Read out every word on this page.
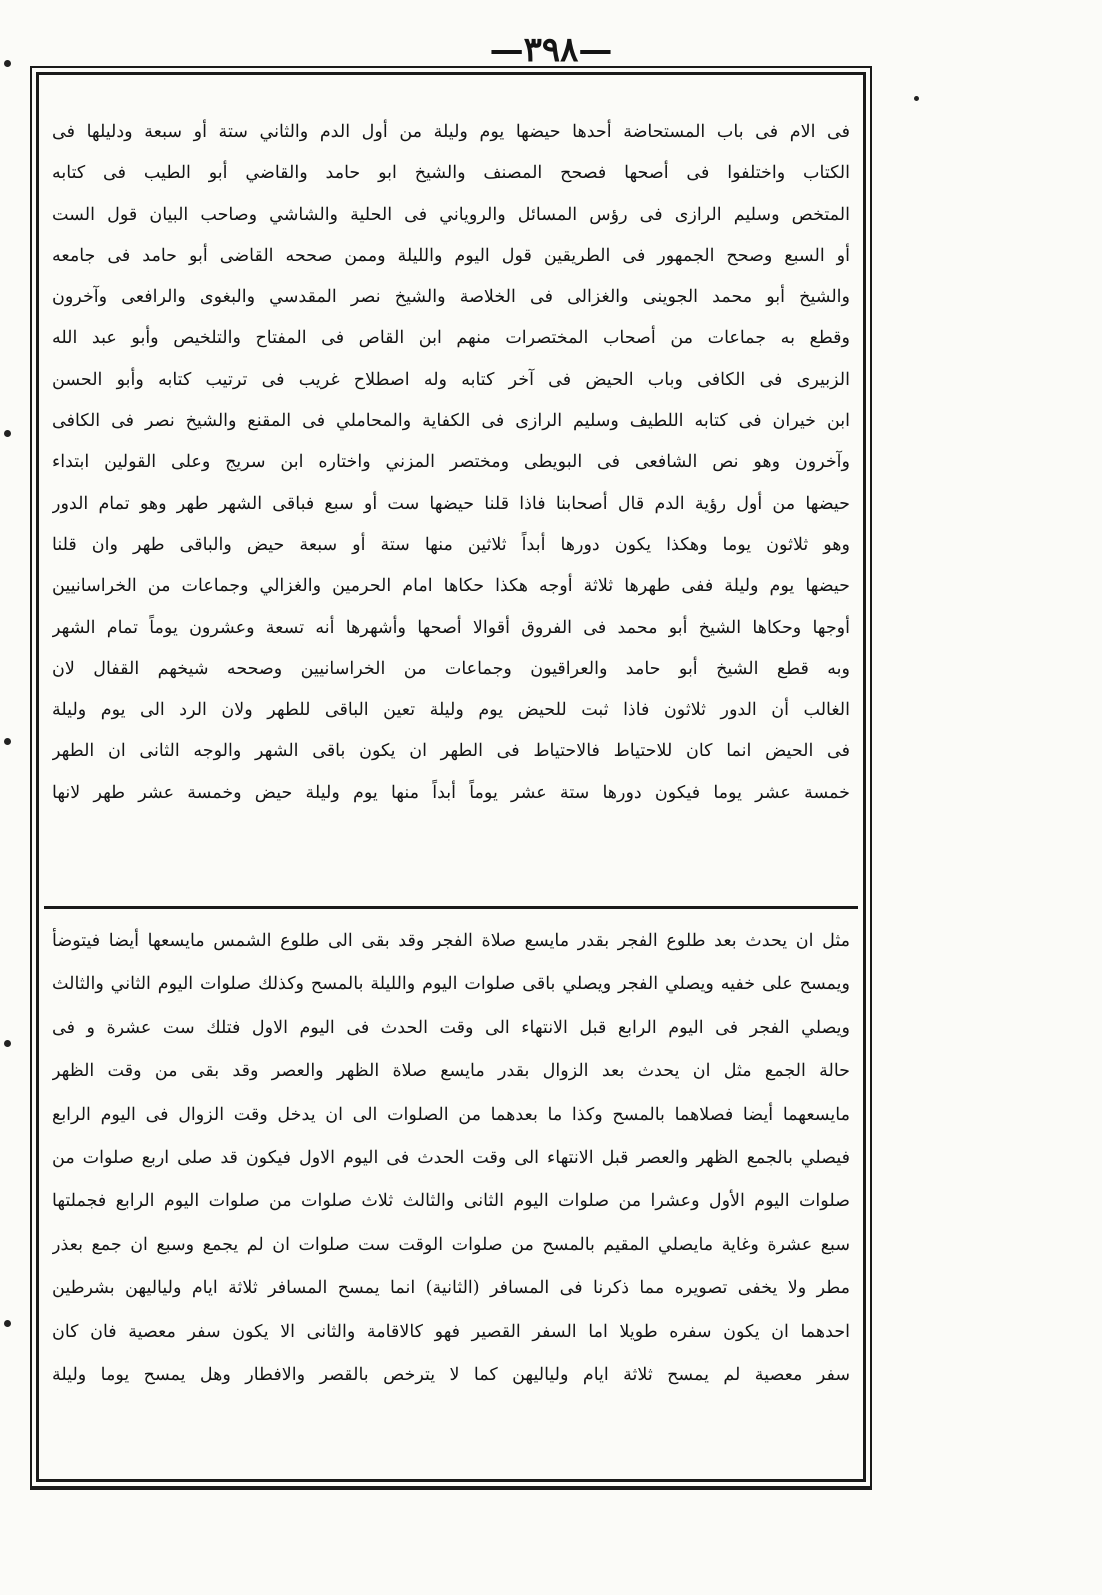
—٣٩٨—
فى الام فى باب المستحاضة أحدها حيضها يوم وليلة من أول الدم والثاني ستة أو سبعة ودلیلها فى
الكتاب واختلفوا فى أصحها فصحح المصنف والشيخ ابو حامد والقاضي أبو الطيب فى كتابه
المتخص وسليم الرازى فى رؤس المسائل والروياني فى الحلية والشاشي وصاحب البيان قول الست
أو السبع وصحح الجمهور فى الطريقين قول اليوم والليلة وممن صححه القاضى أبو حامد فى جامعه
والشيخ أبو محمد الجوينى والغزالى فى الخلاصة والشيخ نصر المقدسي والبغوى والرافعى وآخرون
وقطع به جماعات من أصحاب المختصرات منهم ابن القاص فى المفتاح والتلخيص وأبو عبد الله
الزبيرى فى الكافى وباب الحيض فى آخر كتابه وله اصطلاح غريب فى ترتيب كتابه وأبو الحسن
ابن خيران فى كتابه اللطيف وسليم الرازى فى الكفاية والمحاملي فى المقنع والشيخ نصر فى الكافى
وآخرون وهو نص الشافعى فى البويطى ومختصر المزني واختاره ابن سريج وعلى القولين ابتداء
حيضها من أول رؤية الدم قال أصحابنا فاذا قلنا حيضها ست أو سبع فباقى الشهر طهر وهو تمام الدور
وهو ثلاثون يوما وهكذا يكون دورها أبداً ثلاثين منها ستة أو سبعة حيض والباقى طهر وان قلنا
حيضها يوم وليلة ففى طهرها ثلاثة أوجه هكذا حكاها امام الحرمين والغزالي وجماعات من الخراسانيين
أوجها وحكاها الشيخ أبو محمد فى الفروق أقوالا أصحها وأشهرها أنه تسعة وعشرون يوماً تمام الشهر
وبه قطع الشيخ أبو حامد والعراقيون وجماعات من الخراسانيين وصححه شيخهم القفال لان
الغالب أن الدور ثلاثون فاذا ثبت للحيض يوم وليلة تعين الباقى للطهر ولان الرد الى يوم وليلة
فى الحيض انما كان للاحتياط فالاحتياط فى الطهر ان يكون باقى الشهر والوجه الثانى ان الطهر
خمسة عشر يوما فيكون دورها ستة عشر يوماً أبداً منها يوم وليلة حيض وخمسة عشر طهر لانها
مثل ان يحدث بعد طلوع الفجر بقدر مايسع صلاة الفجر وقد بقى الى طلوع الشمس مايسعها أيضا فيتوضأ
ويمسح على خفيه ويصلي الفجر ويصلي باقى صلوات اليوم والليلة بالمسح وكذلك صلوات اليوم الثاني والثالث
ويصلي الفجر فى اليوم الرابع قبل الانتهاء الى وقت الحدث فى اليوم الاول فتلك ست عشرة و فى
حالة الجمع مثل ان يحدث بعد الزوال بقدر مايسع صلاة الظهر والعصر وقد بقى من وقت الظهر
مايسعهما أيضا فصلاهما بالمسح وكذا ما بعدهما من الصلوات الى ان يدخل وقت الزوال فى اليوم الرابع
فيصلي بالجمع الظهر والعصر قبل الانتهاء الى وقت الحدث فى اليوم الاول فيكون قد صلى اربع صلوات من
صلوات اليوم الأول وعشرا من صلوات اليوم الثانى والثالث ثلاث صلوات من صلوات اليوم الرابع فجملتها
سبع عشرة وغاية مايصلي المقيم بالمسح من صلوات الوقت ست صلوات ان لم يجمع وسبع ان جمع بعذر
مطر ولا يخفى تصويره مما ذكرنا فى المسافر (الثانية) انما يمسح المسافر ثلاثة ايام ولياليهن بشرطين
احدهما ان يكون سفره طويلا اما السفر القصير فهو كالاقامة والثانى الا يكون سفر معصية فان كان
سفر معصية لم يمسح ثلاثة ايام ولياليهن كما لا يترخص بالقصر والافطار وهل يمسح يوما وليلة
